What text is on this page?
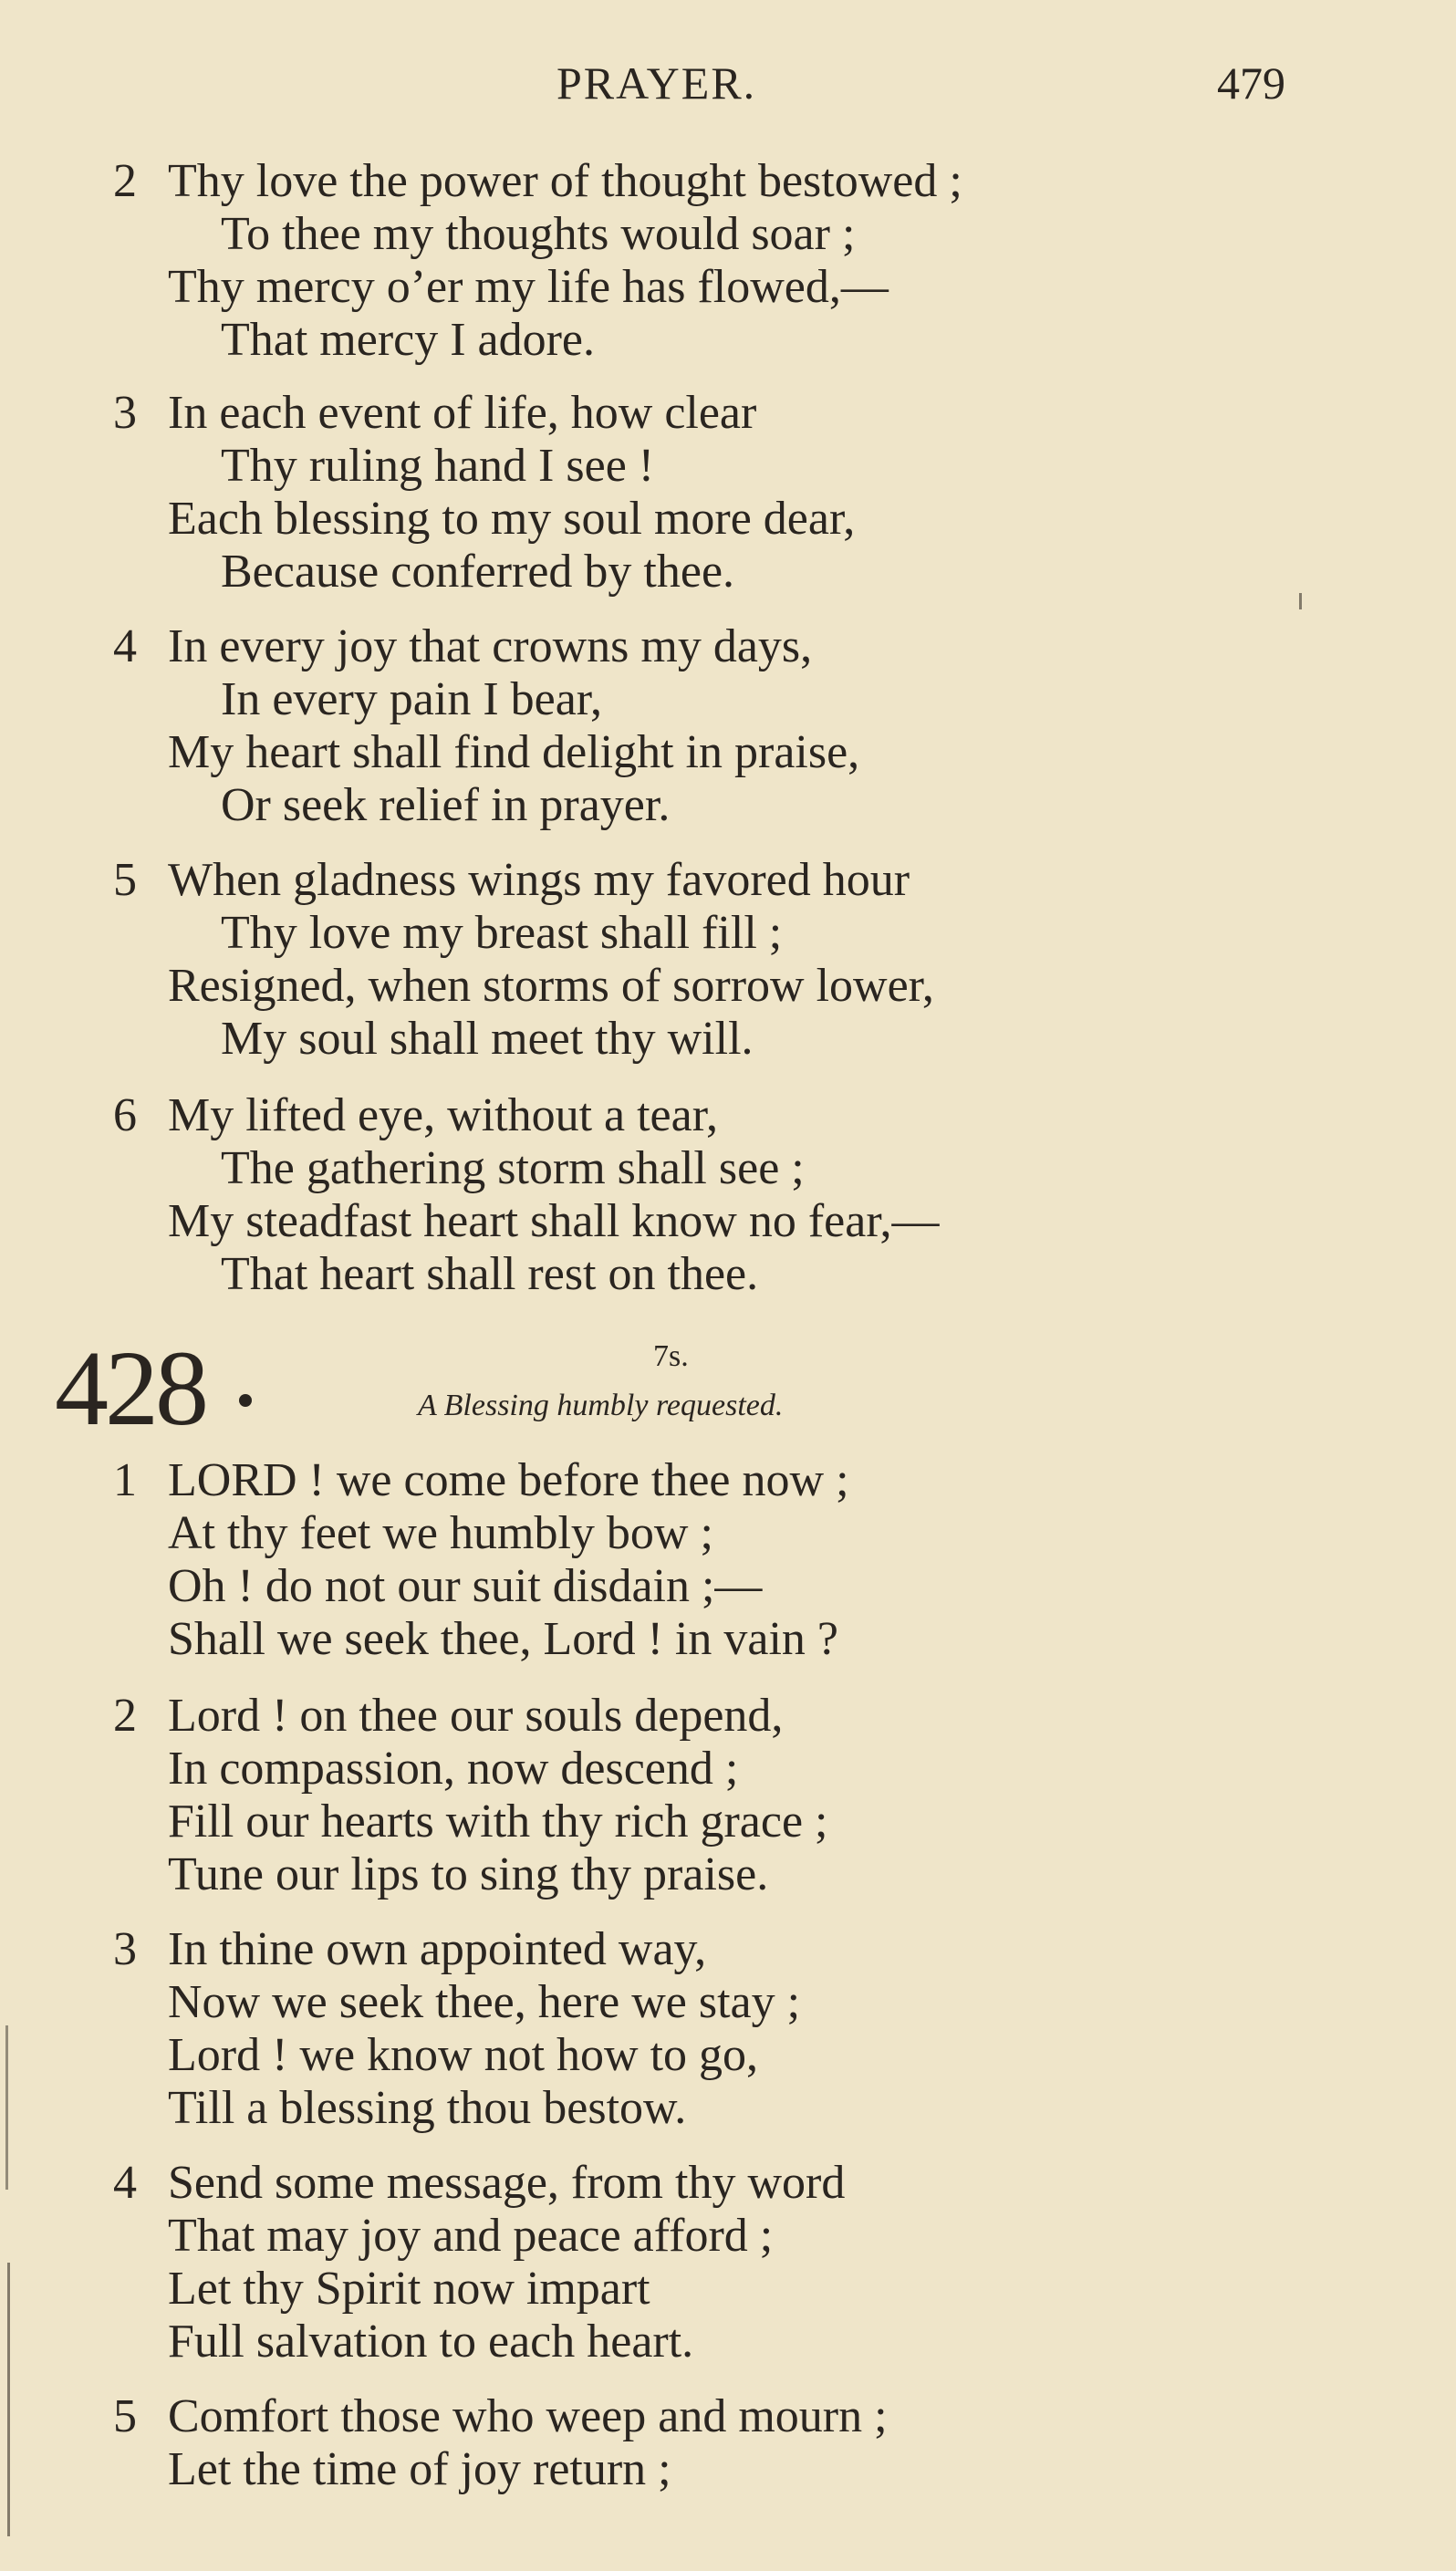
PRAYER.	479
2 Thy love the power of thought bestowed ;
To thee my thoughts would soar ;
Thy mercy o’er my life has flowed,—
That mercy I adore.
3 In each event of life, how clear
Thy ruling hand I see !
Each blessing to my soul more dear,
Because conferred by thee.
4 In every joy that crowns my days,
In every pain I bear,
My heart shall find delight in praise,
Or seek relief in prayer.
5 When gladness wings my favored hour
Thy love my breast shall fill ;
Resigned, when storms of sorrow lower,
My soul shall meet thy will.
6 My lifted eye, without a tear,
The gathering storm shall see ;
My steadfast heart shall know no fear,—
That heart shall rest on thee.
428	7s.
A Blessing humbly requested.
1 LORD ! we come before thee now ;
At thy feet we humbly bow ;
Oh ! do not our suit disdain ;—
Shall we seek thee, Lord ! in vain ?
2 Lord ! on thee our souls depend,
In compassion, now descend ;
Fill our hearts with thy rich grace ;
Tune our lips to sing thy praise.
3 In thine own appointed way,
Now we seek thee, here we stay ;
Lord ! we know not how to go,
Till a blessing thou bestow.
4 Send some message, from thy word
That may joy and peace afford ;
Let thy Spirit now impart
Full salvation to each heart.
5 Comfort those who weep and mourn ;
Let the time of joy return ;
